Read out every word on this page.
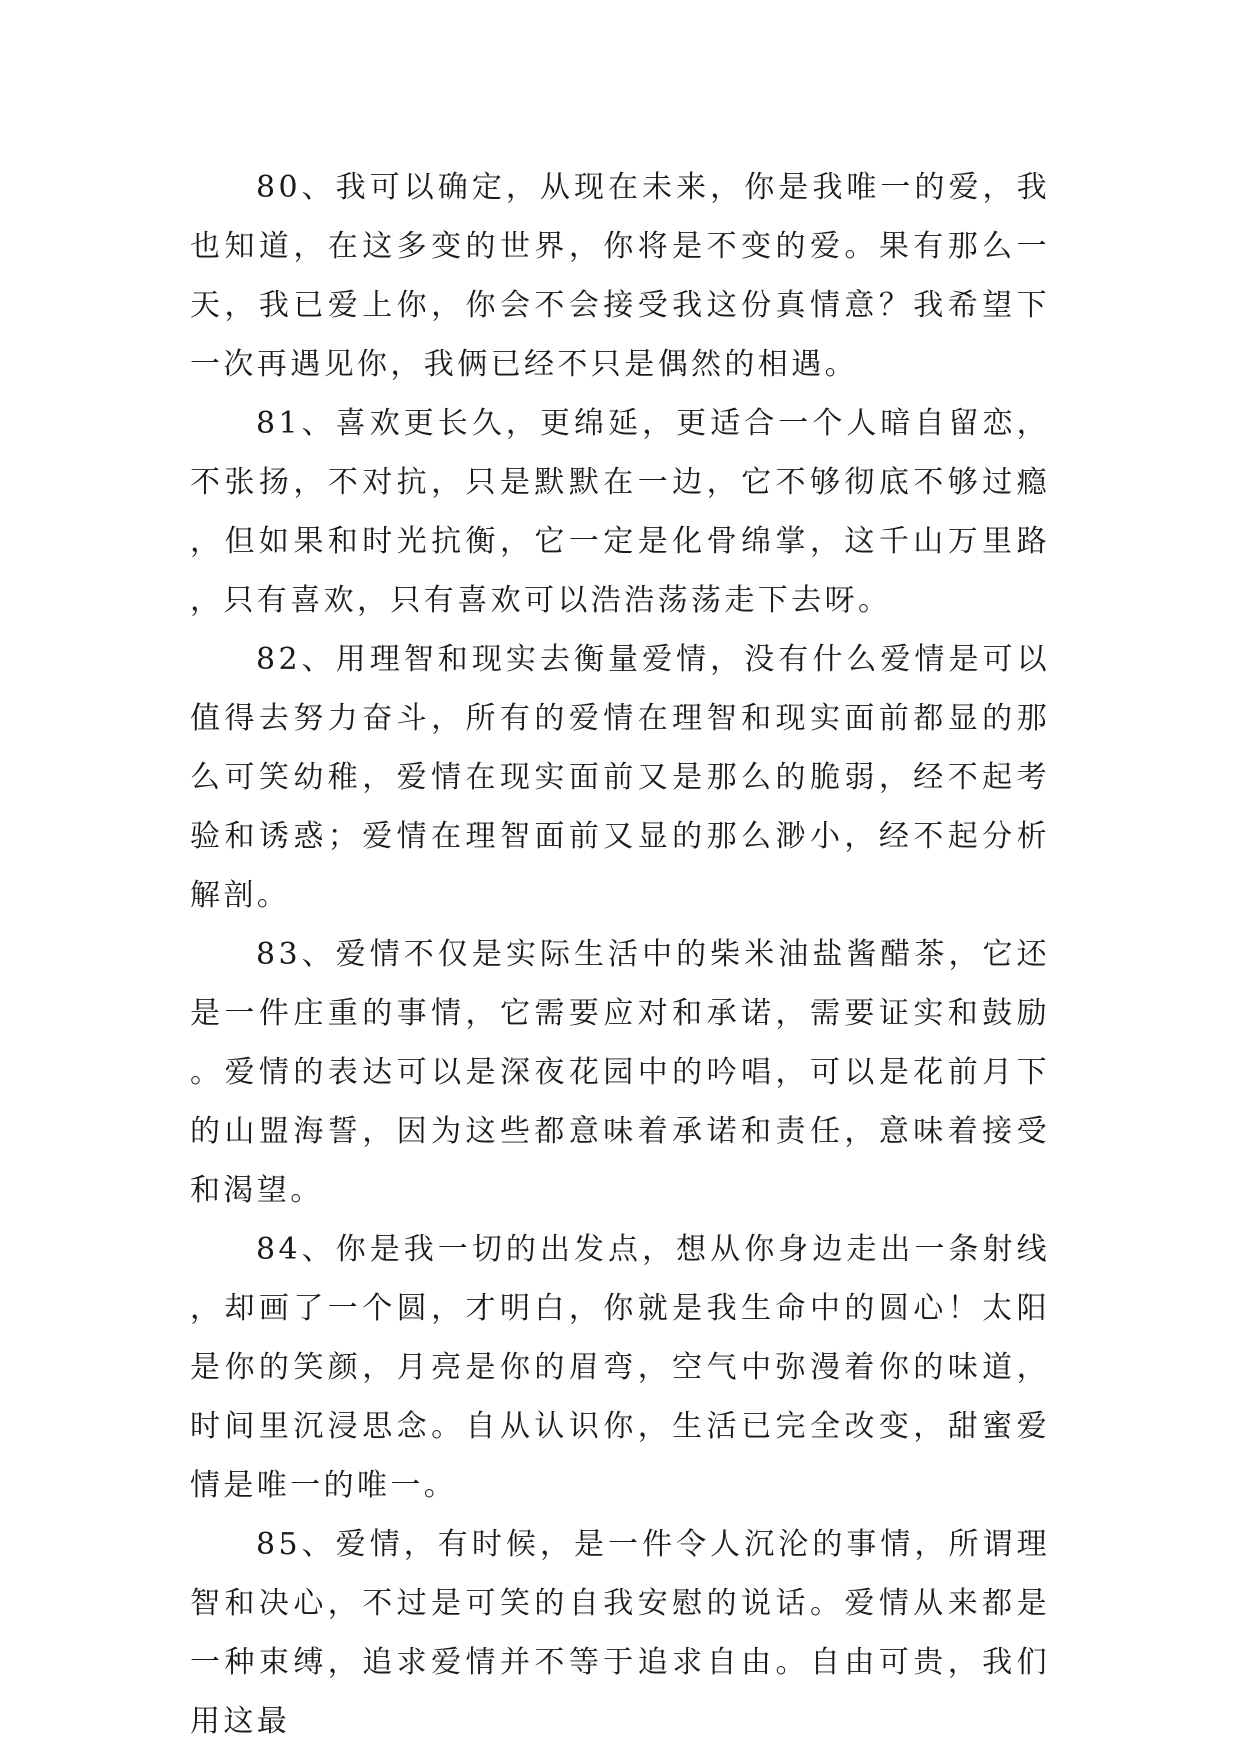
80、我可以确定，从现在未来，你是我唯一的爱，我也知道，在这多变的世界，你将是不变的爱。果有那么一天，我已爱上你，你会不会接受我这份真情意？我希望下一次再遇见你，我俩已经不只是偶然的相遇。

81、喜欢更长久，更绵延，更适合一个人暗自留恋，不张扬，不对抗，只是默默在一边，它不够彻底不够过瘾，但如果和时光抗衡，它一定是化骨绵掌，这千山万里路，只有喜欢，只有喜欢可以浩浩荡荡走下去呀。

82、用理智和现实去衡量爱情，没有什么爱情是可以值得去努力奋斗，所有的爱情在理智和现实面前都显的那么可笑幼稚，爱情在现实面前又是那么的脆弱，经不起考验和诱惑；爱情在理智面前又显的那么渺小，经不起分析解剖。

83、爱情不仅是实际生活中的柴米油盐酱醋茶，它还是一件庄重的事情，它需要应对和承诺，需要证实和鼓励。爱情的表达可以是深夜花园中的吟唱，可以是花前月下的山盟海誓，因为这些都意味着承诺和责任，意味着接受和渴望。

84、你是我一切的出发点，想从你身边走出一条射线，却画了一个圆，才明白，你就是我生命中的圆心！太阳是你的笑颜，月亮是你的眉弯，空气中弥漫着你的味道，时间里沉浸思念。自从认识你，生活已完全改变，甜蜜爱情是唯一的唯一。

85、爱情，有时候，是一件令人沉沦的事情，所谓理智和决心，不过是可笑的自我安慰的说话。爱情从来都是一种束缚，追求爱情并不等于追求自由。自由可贵，我们用这最
